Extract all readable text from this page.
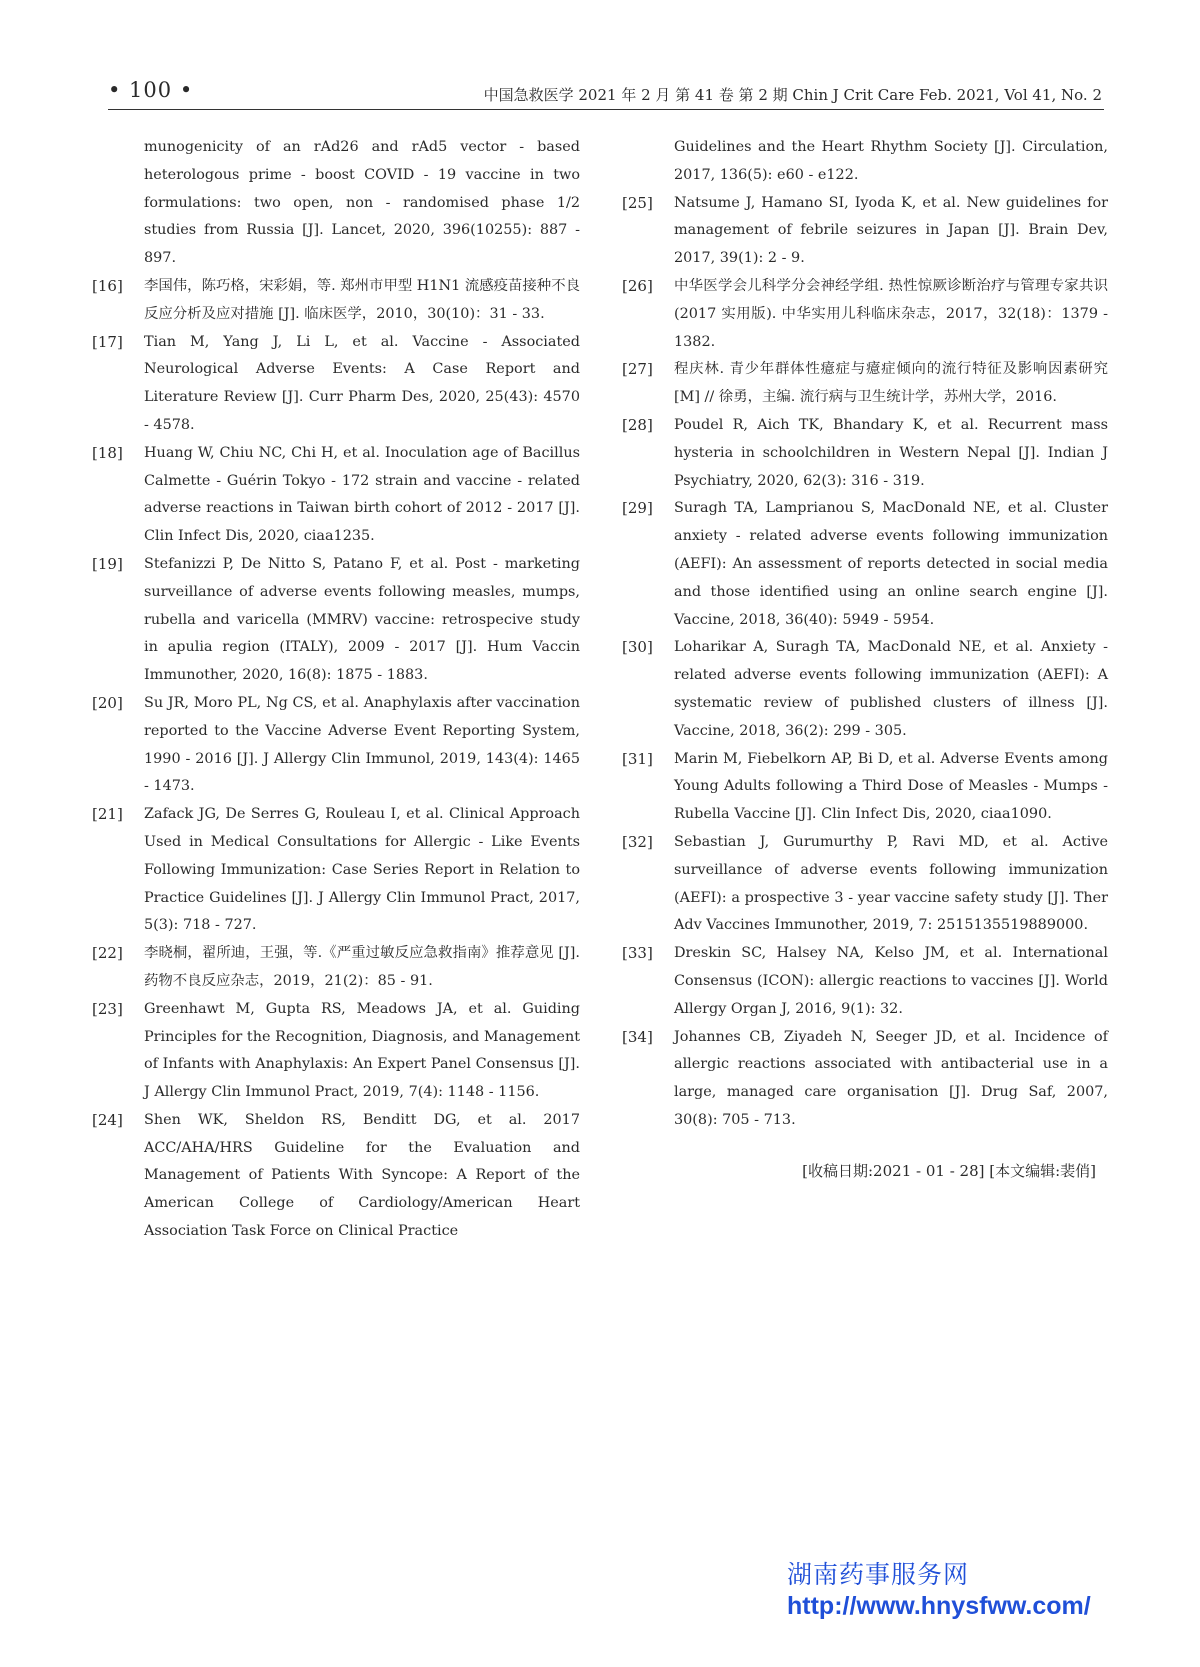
• 100 •	中国急救医学 2021 年 2 月 第 41 卷 第 2 期 Chin J Crit Care Feb. 2021, Vol 41, No. 2
munogenicity of an rAd26 and rAd5 vector - based heterologous prime - boost COVID - 19 vaccine in two formulations: two open, non - randomised phase 1/2 studies from Russia [J]. Lancet, 2020, 396(10255): 887 - 897.
[16]	李国伟，陈巧格，宋彩娟，等. 郑州市甲型 H1N1 流感疫苗接种不良反应分析及应对措施 [J]. 临床医学，2010，30(10)：31 - 33.
[17]	Tian M, Yang J, Li L, et al. Vaccine - Associated Neurological Adverse Events: A Case Report and Literature Review [J]. Curr Pharm Des, 2020, 25(43): 4570 - 4578.
[18]	Huang W, Chiu NC, Chi H, et al. Inoculation age of Bacillus Calmette - Guérin Tokyo - 172 strain and vaccine - related adverse reactions in Taiwan birth cohort of 2012 - 2017 [J]. Clin Infect Dis, 2020, ciaa1235.
[19]	Stefanizzi P, De Nitto S, Patano F, et al. Post - marketing surveillance of adverse events following measles, mumps, rubella and varicella (MMRV) vaccine: retrospecive study in apulia region (ITALY), 2009 - 2017 [J]. Hum Vaccin Immunother, 2020, 16(8): 1875 - 1883.
[20]	Su JR, Moro PL, Ng CS, et al. Anaphylaxis after vaccination reported to the Vaccine Adverse Event Reporting System, 1990 - 2016 [J]. J Allergy Clin Immunol, 2019, 143(4): 1465 - 1473.
[21]	Zafack JG, De Serres G, Rouleau I, et al. Clinical Approach Used in Medical Consultations for Allergic - Like Events Following Immunization: Case Series Report in Relation to Practice Guidelines [J]. J Allergy Clin Immunol Pract, 2017, 5(3): 718 - 727.
[22]	李晓桐，翟所迪，王强，等.《严重过敏反应急救指南》推荐意见 [J]. 药物不良反应杂志，2019，21(2)：85 - 91.
[23]	Greenhawt M, Gupta RS, Meadows JA, et al. Guiding Principles for the Recognition, Diagnosis, and Management of Infants with Anaphylaxis: An Expert Panel Consensus [J]. J Allergy Clin Immunol Pract, 2019, 7(4): 1148 - 1156.
[24]	Shen WK, Sheldon RS, Benditt DG, et al. 2017 ACC/AHA/HRS Guideline for the Evaluation and Management of Patients With Syncope: A Report of the American College of Cardiology/American Heart Association Task Force on Clinical Practice
Guidelines and the Heart Rhythm Society [J]. Circulation, 2017, 136(5): e60 - e122.
[25]	Natsume J, Hamano SI, Iyoda K, et al. New guidelines for management of febrile seizures in Japan [J]. Brain Dev, 2017, 39(1): 2 - 9.
[26]	中华医学会儿科学分会神经学组. 热性惊厥诊断治疗与管理专家共识(2017 实用版). 中华实用儿科临床杂志，2017，32(18)：1379 - 1382.
[27]	程庆林. 青少年群体性癔症与癔症倾向的流行特征及影响因素研究 [M] // 徐勇，主编. 流行病与卫生统计学，苏州大学，2016.
[28]	Poudel R, Aich TK, Bhandary K, et al. Recurrent mass hysteria in schoolchildren in Western Nepal [J]. Indian J Psychiatry, 2020, 62(3): 316 - 319.
[29]	Suragh TA, Lamprianou S, MacDonald NE, et al. Cluster anxiety - related adverse events following immunization (AEFI): An assessment of reports detected in social media and those identified using an online search engine [J]. Vaccine, 2018, 36(40): 5949 - 5954.
[30]	Loharikar A, Suragh TA, MacDonald NE, et al. Anxiety - related adverse events following immunization (AEFI): A systematic review of published clusters of illness [J]. Vaccine, 2018, 36(2): 299 - 305.
[31]	Marin M, Fiebelkorn AP, Bi D, et al. Adverse Events among Young Adults following a Third Dose of Measles - Mumps - Rubella Vaccine [J]. Clin Infect Dis, 2020, ciaa1090.
[32]	Sebastian J, Gurumurthy P, Ravi MD, et al. Active surveillance of adverse events following immunization (AEFI): a prospective 3 - year vaccine safety study [J]. Ther Adv Vaccines Immunother, 2019, 7: 2515135519889000.
[33]	Dreskin SC, Halsey NA, Kelso JM, et al. International Consensus (ICON): allergic reactions to vaccines [J]. World Allergy Organ J, 2016, 9(1): 32.
[34]	Johannes CB, Ziyadeh N, Seeger JD, et al. Incidence of allergic reactions associated with antibacterial use in a large, managed care organisation [J]. Drug Saf, 2007, 30(8): 705 - 713.
[收稿日期:2021 - 01 - 28] [本文编辑:裴俏]
湖南药事服务网
http://www.hnysfww.com/
